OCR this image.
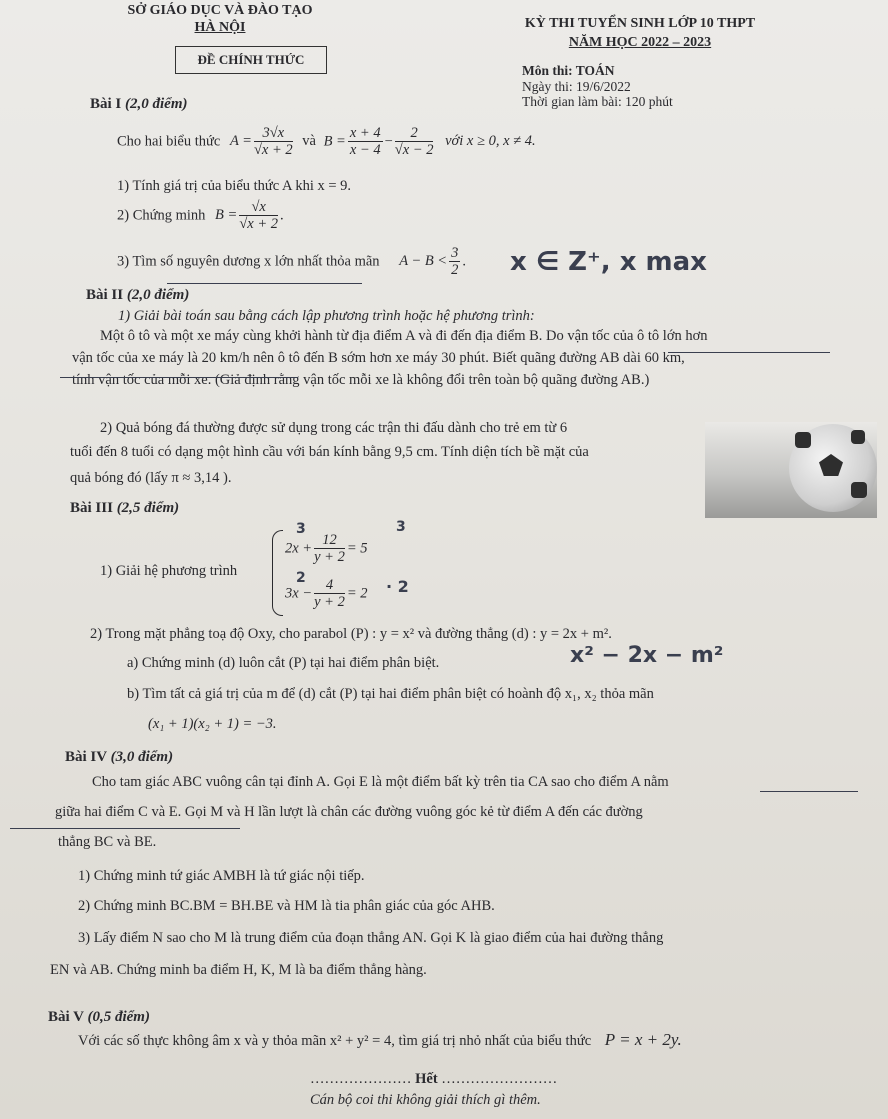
SỞ GIÁO DỤC VÀ ĐÀO TẠO
HÀ NỘI
ĐỀ CHÍNH THỨC
KỲ THI TUYỂN SINH LỚP 10 THPT
NĂM HỌC 2022 – 2023
Môn thi: TOÁN
Ngày thi: 19/6/2022
Thời gian làm bài: 120 phút
Bài I (2,0 điểm)
Cho hai biểu thức $A = \frac{3√x}{√x + 2}$ và $B = \frac{x + 4}{x - 4} - \frac{2}{√x - 2}$ với x ≥ 0, x ≠ 4.
1) Tính giá trị của biểu thức A khi x = 9.
2) Chứng minh $B = \frac{√x}{√x + 2}$ .
3) Tìm số nguyên dương x lớn nhất thỏa mãn $A - B < \frac{3}{2}$ . x ∈ Z⁺, x max
Bài II (2,0 điểm)
1) Giải bài toán sau bằng cách lập phương trình hoặc hệ phương trình:
Một ô tô và một xe máy cùng khởi hành từ địa điểm A và đi đến địa điểm B. Do vận tốc của ô tô lớn hơn
vận tốc của xe máy là 20 km/h nên ô tô đến B sớm hơn xe máy 30 phút. Biết quãng đường AB dài 60 km,
tính vận tốc của mỗi xe. (Giả định rằng vận tốc mỗi xe là không đổi trên toàn bộ quãng đường AB.)
2) Quả bóng đá thường được sử dụng trong các trận thi đấu dành cho trẻ em từ 6
tuổi đến 8 tuổi có dạng một hình cầu với bán kính bằng 9,5 cm. Tính diện tích bề mặt của
quả bóng đó (lấy π ≈ 3,14 ).
Bài III (2,5 điểm)
1) Giải hệ phương trình
$2x + \frac{12}{y + 2} = 5$
$3x - \frac{4}{y + 2} = 2$
3	3
2	· 2
2) Trong mặt phẳng toạ độ Oxy, cho parabol (P) : y = x² và đường thẳng (d) : y = 2x + m².
a) Chứng minh (d) luôn cắt (P) tại hai điểm phân biệt.	x² − 2x − m²
b) Tìm tất cả giá trị của m để (d) cắt (P) tại hai điểm phân biệt có hoành độ x₁, x₂ thỏa mãn
(x₁ + 1)(x₂ + 1) = −3.
Bài IV (3,0 điểm)
Cho tam giác ABC vuông cân tại đỉnh A. Gọi E là một điểm bất kỳ trên tia CA sao cho điểm A nằm
giữa hai điểm C và E. Gọi M và H lần lượt là chân các đường vuông góc kẻ từ điểm A đến các đường
thẳng BC và BE.
1) Chứng minh tứ giác AMBH là tứ giác nội tiếp.
2) Chứng minh BC.BM = BH.BE và HM là tia phân giác của góc AHB.
3) Lấy điểm N sao cho M là trung điểm của đoạn thẳng AN. Gọi K là giao điểm của hai đường thẳng
EN và AB. Chứng minh ba điểm H, K, M là ba điểm thẳng hàng.
Bài V (0,5 điểm)
Với các số thực không âm x và y thỏa mãn x² + y² = 4, tìm giá trị nhỏ nhất của biểu thức P = x + 2y.
………………… Hết ……………………
Cán bộ coi thi không giải thích gì thêm.
